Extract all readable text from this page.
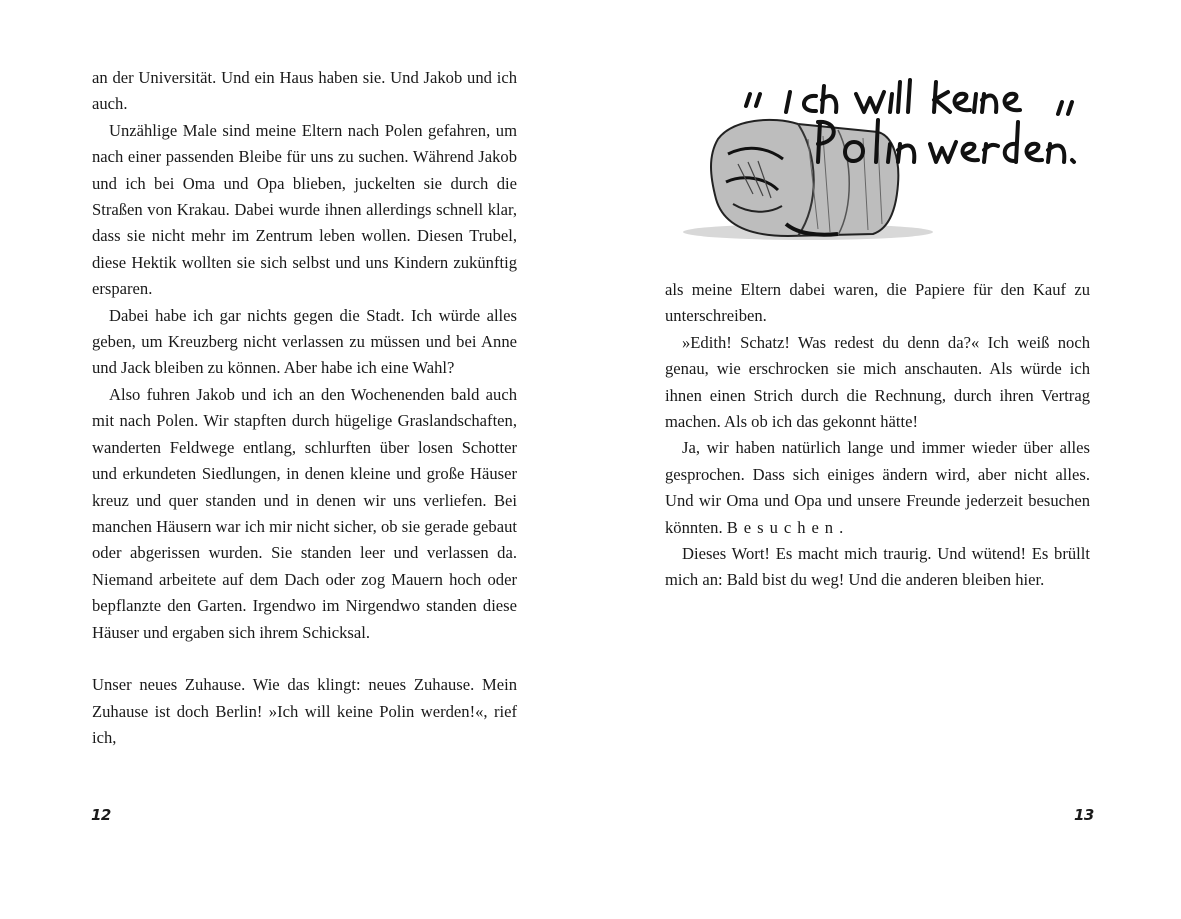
an der Universität. Und ein Haus haben sie. Und Jakob und ich auch.

Unzählige Male sind meine Eltern nach Polen gefahren, um nach einer passenden Bleibe für uns zu suchen. Während Jakob und ich bei Oma und Opa blieben, juckelten sie durch die Straßen von Krakau. Dabei wurde ihnen allerdings schnell klar, dass sie nicht mehr im Zentrum leben wollen. Diesen Trubel, diese Hektik wollten sie sich selbst und uns Kindern zukünftig ersparen.

Dabei habe ich gar nichts gegen die Stadt. Ich würde alles geben, um Kreuzberg nicht verlassen zu müssen und bei Anne und Jack bleiben zu können. Aber habe ich eine Wahl?

Also fuhren Jakob und ich an den Wochenenden bald auch mit nach Polen. Wir stapften durch hügelige Graslandschaften, wanderten Feldwege entlang, schlurften über losen Schotter und erkundeten Siedlungen, in denen kleine und große Häuser kreuz und quer standen und in denen wir uns verliefen. Bei manchen Häusern war ich mir nicht sicher, ob sie gerade gebaut oder abgerissen wurden. Sie standen leer und verlassen da. Niemand arbeitete auf dem Dach oder zog Mauern hoch oder bepflanzte den Garten. Irgendwo im Nirgendwo standen diese Häuser und ergaben sich ihrem Schicksal.

Unser neues Zuhause. Wie das klingt: neues Zuhause. Mein Zuhause ist doch Berlin! »Ich will keine Polin werden!«, rief ich,

12
„Ich will keine Polin werden."

als meine Eltern dabei waren, die Papiere für den Kauf zu unterschreiben.

»Edith! Schatz! Was redest du denn da?« Ich weiß noch genau, wie erschrocken sie mich anschauten. Als würde ich ihnen einen Strich durch die Rechnung, durch ihren Vertrag machen. Als ob ich das gekonnt hätte!

Ja, wir haben natürlich lange und immer wieder über alles gesprochen. Dass sich einiges ändern wird, aber nicht alles. Und wir Oma und Opa und unsere Freunde jederzeit besuchen könnten. Besuchen.

Dieses Wort! Es macht mich traurig. Und wütend! Es brüllt mich an: Bald bist du weg! Und die anderen bleiben hier.

13
